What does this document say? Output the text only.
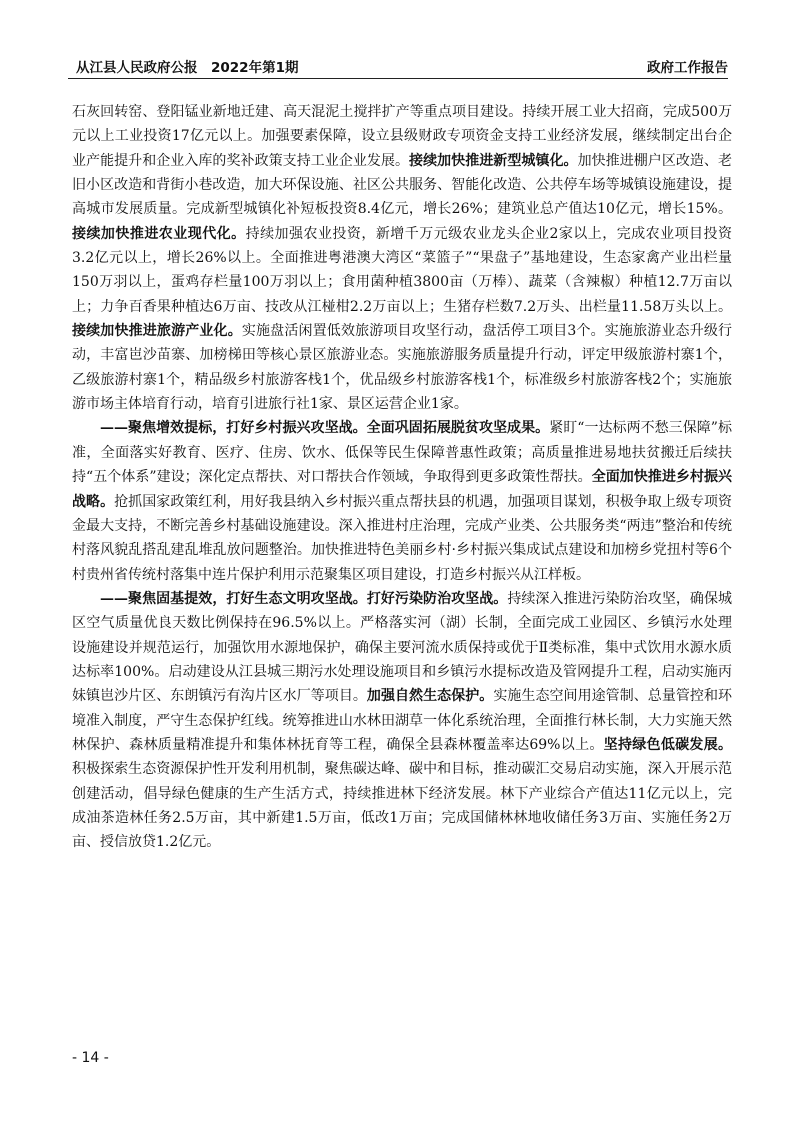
从江县人民政府公报　2022年第1期	政府工作报告

石灰回转窑、登阳锰业新地迁建、高天混泥土搅拌扩产等重点项目建设。持续开展工业大招商，完成500万元以上工业投资17亿元以上。加强要素保障，设立县级财政专项资金支持工业经济发展，继续制定出台企业产能提升和企业入库的奖补政策支持工业企业发展。接续加快推进新型城镇化。加快推进棚户区改造、老旧小区改造和背街小巷改造，加大环保设施、社区公共服务、智能化改造、公共停车场等城镇设施建设，提高城市发展质量。完成新型城镇化补短板投资8.4亿元，增长26%；建筑业总产值达10亿元，增长15%。接续加快推进农业现代化。持续加强农业投资，新增千万元级农业龙头企业2家以上，完成农业项目投资3.2亿元以上，增长26%以上。全面推进粤港澳大湾区“菜篮子”“果盘子”基地建设，生态家禽产业出栏量150万羽以上，蛋鸡存栏量100万羽以上；食用菌种植3800亩（万棒）、蔬菜（含辣椒）种植12.7万亩以上；力争百香果种植达6万亩、技改从江椪柑2.2万亩以上；生猪存栏数7.2万头、出栏量11.58万头以上。接续加快推进旅游产业化。实施盘活闲置低效旅游项目攻坚行动，盘活停工项目3个。实施旅游业态升级行动，丰富岜沙苗寨、加榜梯田等核心景区旅游业态。实施旅游服务质量提升行动，评定甲级旅游村寨1个，乙级旅游村寨1个，精品级乡村旅游客栈1个，优品级乡村旅游客栈1个，标准级乡村旅游客栈2个；实施旅游市场主体培育行动，培育引进旅行社1家、景区运营企业1家。

——聚焦增效提标，打好乡村振兴攻坚战。全面巩固拓展脱贫攻坚成果。紧盯“一达标两不愁三保障”标准，全面落实好教育、医疗、住房、饮水、低保等民生保障普惠性政策；高质量推进易地扶贫搬迁后续扶持“五个体系”建设；深化定点帮扶、对口帮扶合作领域，争取得到更多政策性帮扶。全面加快推进乡村振兴战略。抢抓国家政策红利，用好我县纳入乡村振兴重点帮扶县的机遇，加强项目谋划，积极争取上级专项资金最大支持，不断完善乡村基础设施建设。深入推进村庄治理，完成产业类、公共服务类“两违”整治和传统村落风貌乱搭乱建乱堆乱放问题整治。加快推进特色美丽乡村·乡村振兴集成试点建设和加榜乡党扭村等6个村贵州省传统村落集中连片保护利用示范聚集区项目建设，打造乡村振兴从江样板。

——聚焦固基提效，打好生态文明攻坚战。打好污染防治攻坚战。持续深入推进污染防治攻坚，确保城区空气质量优良天数比例保持在96.5%以上。严格落实河（湖）长制，全面完成工业园区、乡镇污水处理设施建设并规范运行，加强饮用水源地保护，确保主要河流水质保持或优于Ⅱ类标准，集中式饮用水源水质达标率100%。启动建设从江县城三期污水处理设施项目和乡镇污水提标改造及管网提升工程，启动实施丙妹镇岜沙片区、东朗镇污有沟片区水厂等项目。加强自然生态保护。实施生态空间用途管制、总量管控和环境准入制度，严守生态保护红线。统筹推进山水林田湖草一体化系统治理，全面推行林长制，大力实施天然林保护、森林质量精准提升和集体林抚育等工程，确保全县森林覆盖率达69%以上。坚持绿色低碳发展。积极探索生态资源保护性开发利用机制，聚焦碳达峰、碳中和目标，推动碳汇交易启动实施，深入开展示范创建活动，倡导绿色健康的生产生活方式，持续推进林下经济发展。林下产业综合产值达11亿元以上，完成油茶造林任务2.5万亩，其中新建1.5万亩，低改1万亩；完成国储林林地收储任务3万亩、实施任务2万亩、授信放贷1.2亿元。

- 14 -
